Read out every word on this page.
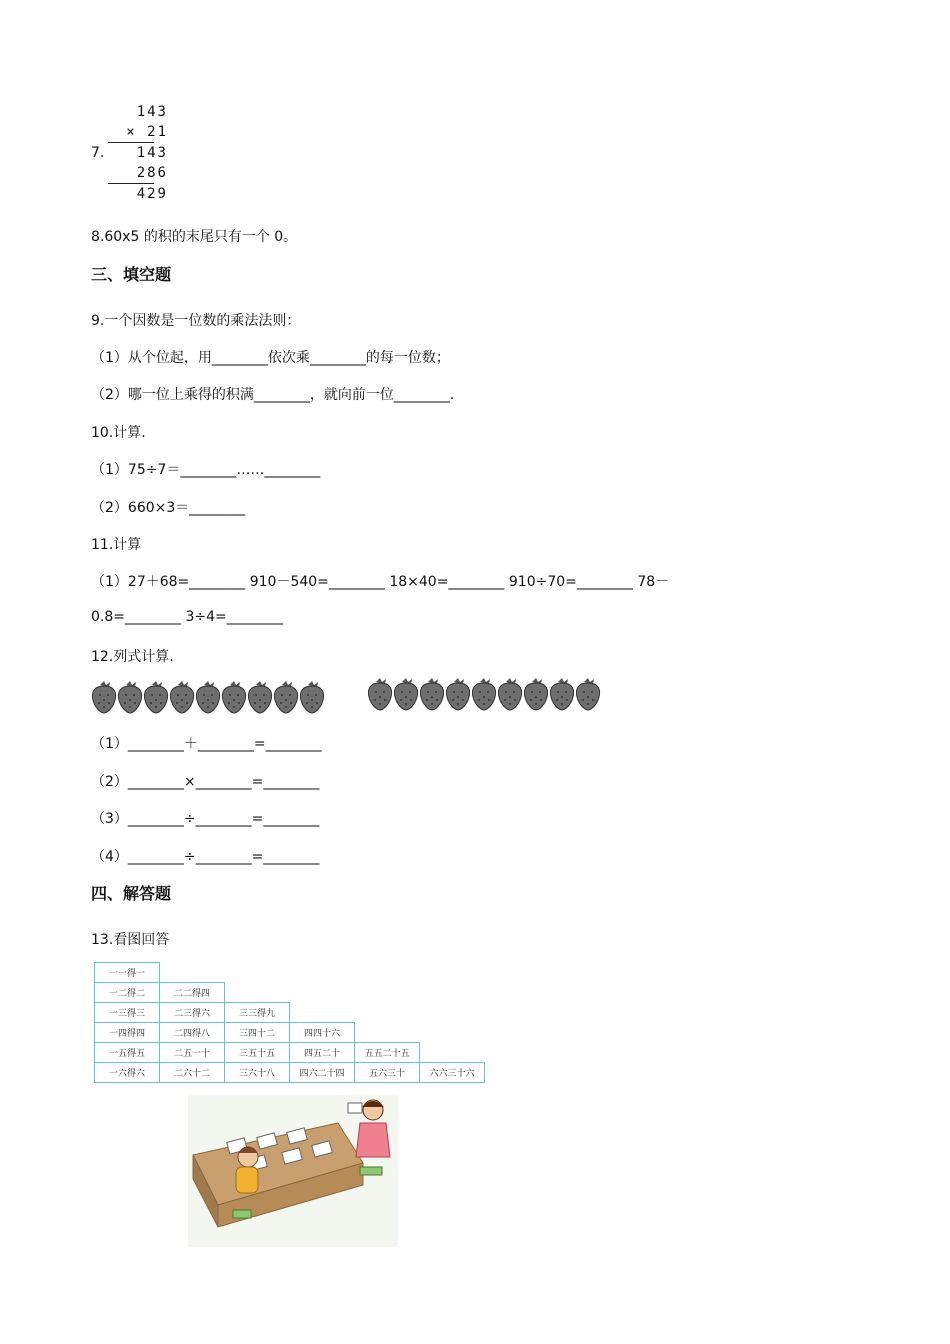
7.
143
× 21
143
286
429
8.60x5 的积的末尾只有一个 0。
三、填空题
9.一个因数是一位数的乘法法则：
（1）从个位起，用________依次乘________的每一位数；
（2）哪一位上乘得的积满________，就向前一位________.
10.计算.
（1）75÷7＝________……________
（2）660×3＝________
11.计算
（1）27＋68=________ 910－540=________ 18×40=________ 910÷70=________ 78－
0.8=________ 3÷4=________
12.列式计算.
（1）________＋________=________
（2）________×________=________
（3）________÷________=________
（4）________÷________=________
四、解答题
13.看图回答
一一得一					
一二得二	二二得四				
一三得三	二三得六	三三得九			
一四得四	二四得八	三四十二	四四十六		
一五得五	二五一十	三五十五	四五二十	五五二十五	
一六得六	二六十二	三六十八	四六二十四	五六三十	六六三十六
